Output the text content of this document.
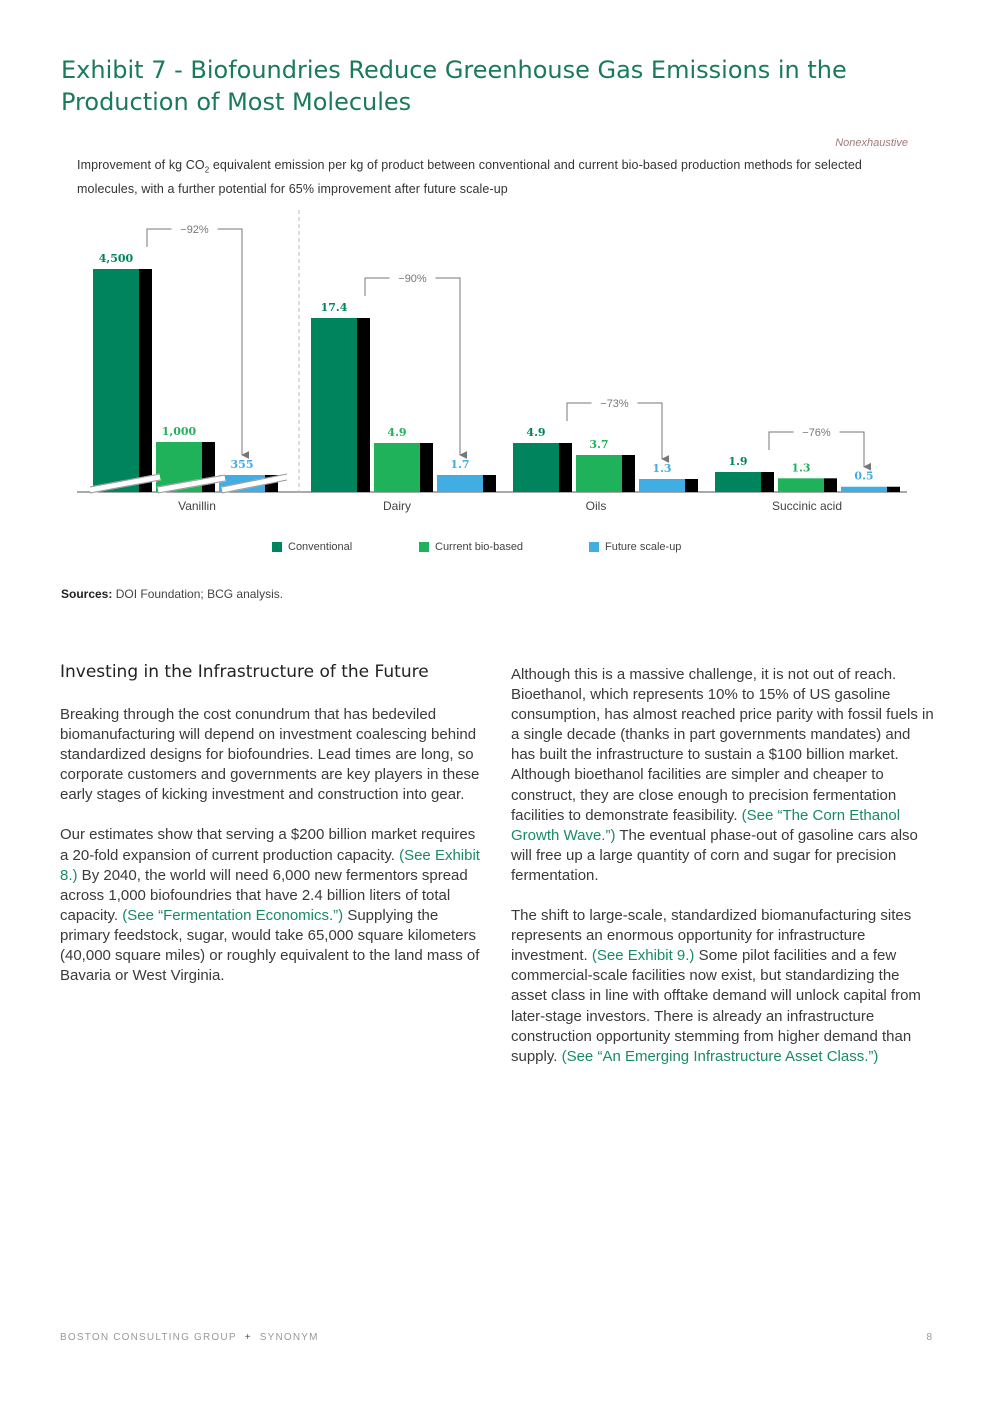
Exhibit 7 - Biofoundries Reduce Greenhouse Gas Emissions in the Production of Most Molecules
Nonexhaustive
Improvement of kg $CO_2$ equivalent emission per kg of product between conventional and current bio-based production methods for selected molecules, with a further potential for 65% improvement after future scale-up
4,500
1,000
355
Vanillin
−92%
17.4
4.9
1.7
Dairy
−90%
4.9
3.7
1.3
Oils
−73%
1.9	1.3
0.5
Succinic acid
−76%
Conventional	Current bio-based	Future scale-up
Sources: DOI Foundation; BCG analysis.
Investing in the Infrastructure of the Future

Breaking through the cost conundrum that has bedeviled biomanufacturing will depend on investment coalescing behind standardized designs for biofoundries. Lead times are long, so corporate customers and governments are key players in these early stages of kicking investment and construction into gear.

Our estimates show that serving a $200 billion market requires a 20-fold expansion of current production capacity. (See Exhibit 8.) By 2040, the world will need 6,000 new fermentors spread across 1,000 biofoundries that have 2.4 billion liters of total capacity. (See “Fermentation Economics.”) Supplying the primary feedstock, sugar, would take 65,000 square kilometers (40,000 square miles) or roughly equivalent to the land mass of Bavaria or West Virginia.

Although this is a massive challenge, it is not out of reach. Bioethanol, which represents 10% to 15% of US gasoline consumption, has almost reached price parity with fossil fuels in a single decade (thanks in part governments mandates) and has built the infrastructure to sustain a $100 billion market. Although bioethanol facilities are simpler and cheaper to construct, they are close enough to precision fermentation facilities to demonstrate feasibility. (See “The Corn Ethanol Growth Wave.”) The eventual phase-out of gasoline cars also will free up a large quantity of corn and sugar for precision fermentation.

The shift to large-scale, standardized biomanufacturing sites represents an enormous opportunity for infrastructure investment. (See Exhibit 9.) Some pilot facilities and a few commercial-scale facilities now exist, but standardizing the asset class in line with offtake demand will unlock capital from later-stage investors. There is already an infrastructure construction opportunity stemming from higher demand than supply. (See “An Emerging Infrastructure Asset Class.”)

BOSTON CONSULTING GROUP + SYNONYM	8
